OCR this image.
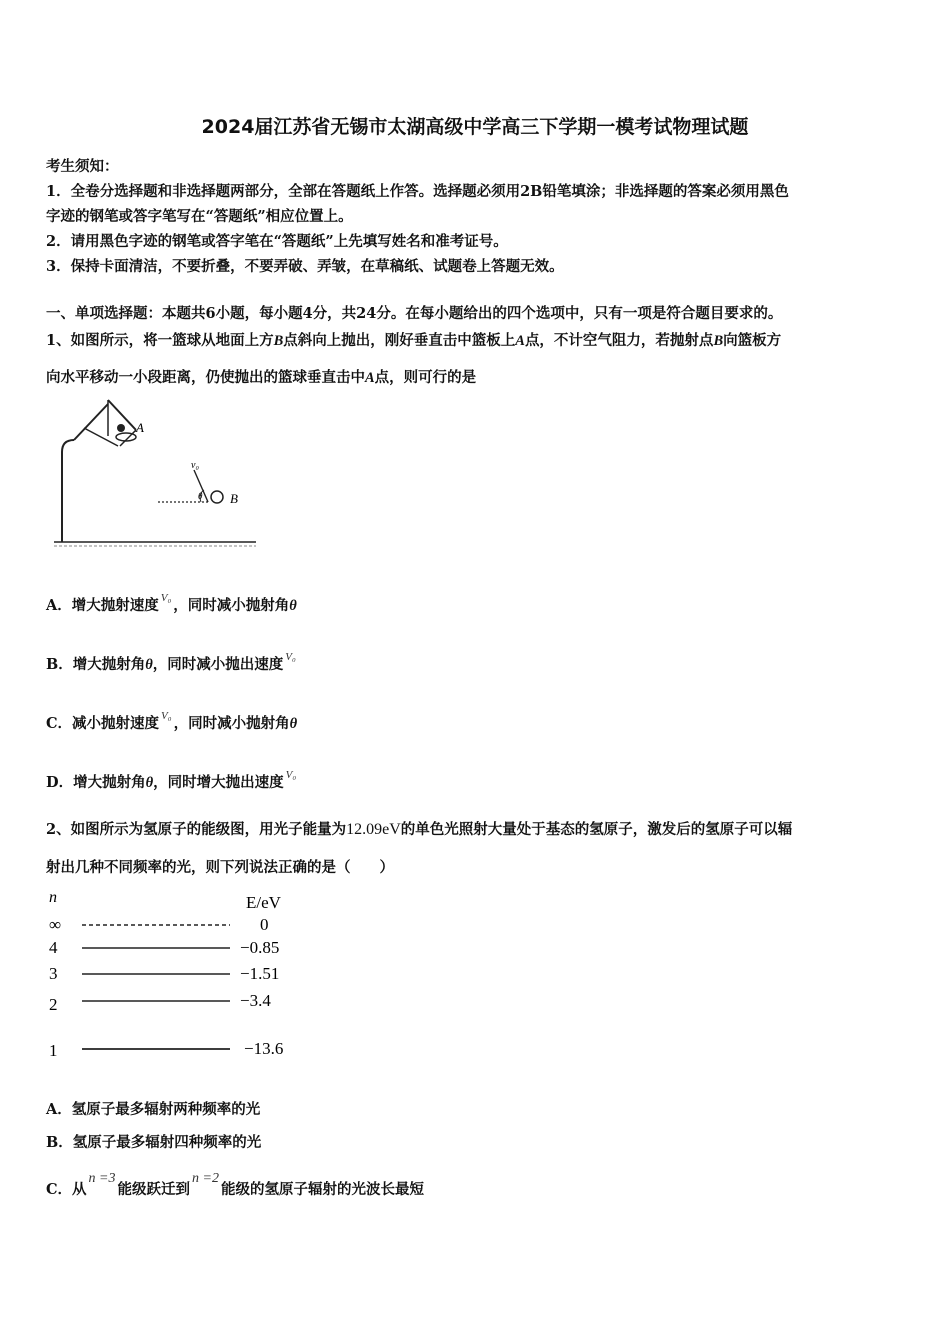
2024届江苏省无锡市太湖高级中学高三下学期一模考试物理试题
考生须知：
1．全卷分选择题和非选择题两部分，全部在答题纸上作答。选择题必须用2B铅笔填涂；非选择题的答案必须用黑色
字迹的钢笔或答字笔写在“答题纸”相应位置上。
2．请用黑色字迹的钢笔或答字笔在“答题纸”上先填写姓名和准考证号。
3．保持卡面清洁，不要折叠，不要弄破、弄皱，在草稿纸、试题卷上答题无效。
一、单项选择题：本题共6小题，每小题4分，共24分。在每小题给出的四个选项中，只有一项是符合题目要求的。
1、如图所示，将一篮球从地面上方B点斜向上抛出，刚好垂直击中篮板上A点，不计空气阻力，若抛射点B向篮板方
向水平移动一小段距离，仍使抛出的篮球垂直击中A点，则可行的是
A
v₀
θ B
A．增大抛射速度 $^{V_0}$ ，同时减小抛射角θ
B．增大抛射角θ，同时减小抛出速度 $^{V_0}$
C．减小抛射速度 $^{V_0}$ ，同时减小抛射角θ
D．增大抛射角θ，同时增大抛出速度 $^{V_0}$
2、如图所示为氢原子的能级图，用光子能量为12.09eV的单色光照射大量处于基态的氢原子，激发后的氢原子可以辐
射出几种不同频率的光，则下列说法正确的是（　　）
n	E/eV
∞	0
4	−0.85
3	−1.51
2	−3.4
1	−13.6
A．氢原子最多辐射两种频率的光
B．氢原子最多辐射四种频率的光
C．从n =3能级跃迁到n =2能级的氢原子辐射的光波长最短
